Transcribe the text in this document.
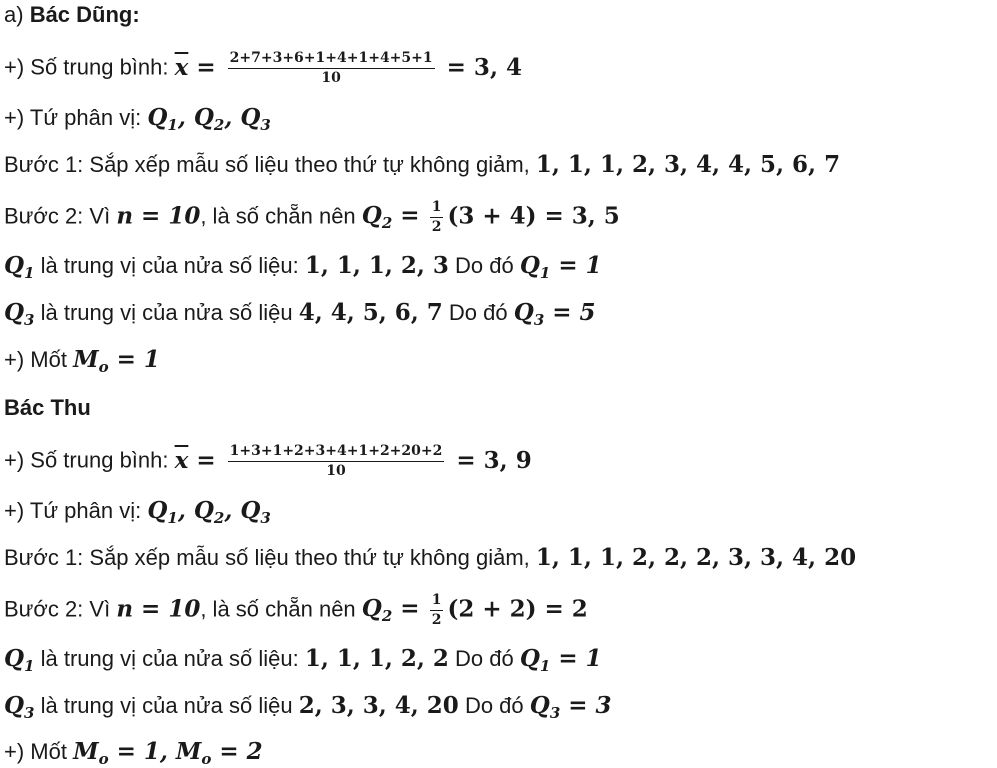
a) Bác Dũng:
+) Số trung bình: $\overline{x} = \frac{2+7+3+6+1+4+1+4+5+1}{10} = 3$, 4
+) Tứ phân vị: $Q_1$, $Q_2$, $Q_3$
Bước 1: Sắp xếp mẫu số liệu theo thứ tự không giảm, 1, 1, 1, 2, 3, 4, 4, 5, 6, 7
Bước 2: Vì n = 10, là số chẵn nên $Q_2 = \frac{1}{2} (3 + 4) = 3$, 5
$Q_1$ là trung vị của nửa số liệu: 1, 1, 1, 2, 3 Do đó $Q_1 = 1$
$Q_3$ là trung vị của nửa số liệu 4, 4, 5, 6, 7 Do đó $Q_3 = 5$
+) Mốt $M_o = 1$
Bác Thu
+) Số trung bình: $\overline{x} = \frac{1+3+1+2+3+4+1+2+20+2}{10} = 3$, 9
+) Tứ phân vị: $Q_1$, $Q_2$, $Q_3$
Bước 1: Sắp xếp mẫu số liệu theo thứ tự không giảm, 1, 1, 1, 2, 2, 2, 3, 3, 4, 20
Bước 2: Vì n = 10, là số chẵn nên $Q_2 = \frac{1}{2} (2 + 2) = 2$
$Q_1$ là trung vị của nửa số liệu: 1, 1, 1, 2, 2 Do đó $Q_1 = 1$
$Q_3$ là trung vị của nửa số liệu 2, 3, 3, 4, 20 Do đó $Q_3 = 3$
+) Mốt $M_o = 1$, $M_o = 2$
